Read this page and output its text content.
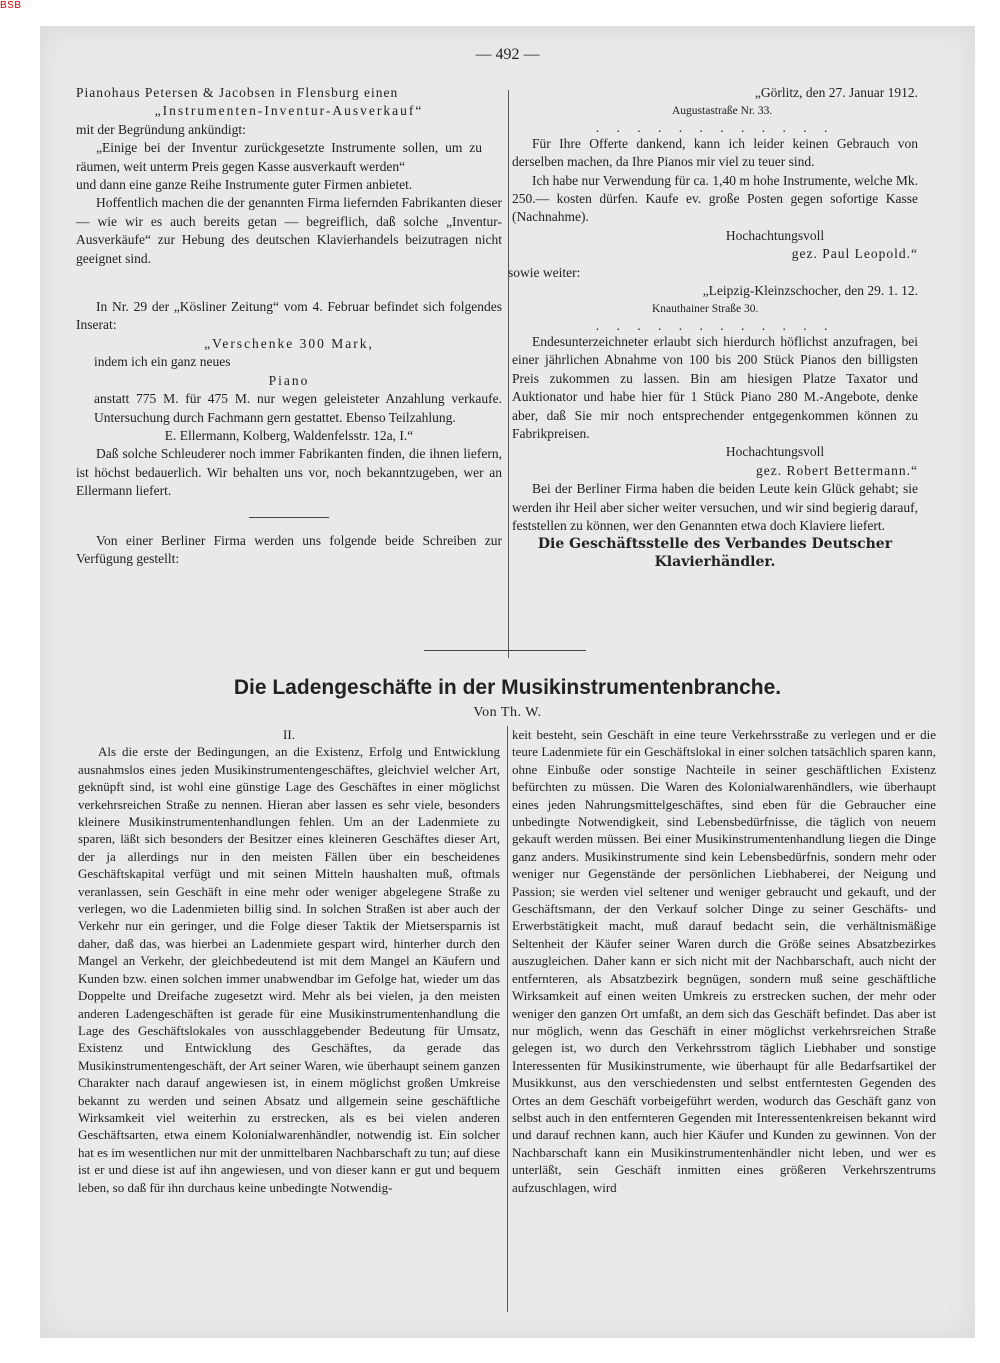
BSB
— 492 —

Pianohaus Petersen & Jacobsen in Flensburg einen

„Instrumenten-Inventur-Ausverkauf“

mit der Begründung ankündigt:

„Einige bei der Inventur zurückgesetzte Instrumente sollen, um zu räumen, weit unterm Preis gegen Kasse ausverkauft werden“

und dann eine ganze Reihe Instrumente guter Firmen anbietet.

Hoffentlich machen die der genannten Firma liefernden Fabrikanten dieser — wie wir es auch bereits getan — begreiflich, daß solche „Inventur-Ausverkäufe“ zur Hebung des deutschen Klavierhandels beizutragen nicht geeignet sind.

In Nr. 29 der „Kösliner Zeitung“ vom 4. Februar befindet sich folgendes Inserat:

„Verschenke 300 Mark,

indem ich ein ganz neues

Piano

anstatt 775 M. für 475 M. nur wegen geleisteter Anzahlung verkaufe. Untersuchung durch Fachmann gern gestattet. Ebenso Teilzahlung.

E. Ellermann, Kolberg, Waldenfelsstr. 12a, I.“

Daß solche Schleuderer noch immer Fabrikanten finden, die ihnen liefern, ist höchst bedauerlich. Wir behalten uns vor, noch bekanntzugeben, wer an Ellermann liefert.

Von einer Berliner Firma werden uns folgende beide Schreiben zur Verfügung gestellt:

„Görlitz, den 27. Januar 1912.

Augustastraße Nr. 33.

. . . . . . . . . . . .

Für Ihre Offerte dankend, kann ich leider keinen Gebrauch von derselben machen, da Ihre Pianos mir viel zu teuer sind.

Ich habe nur Verwendung für ca. 1,40 m hohe Instrumente, welche Mk. 250.— kosten dürfen. Kaufe ev. große Posten gegen sofortige Kasse (Nachnahme).

Hochachtungsvoll

gez. Paul Leopold.“

sowie weiter:

„Leipzig-Kleinzschocher, den 29. 1. 12.

Knauthainer Straße 30.

. . . . . . . . . . . .

Endesunterzeichneter erlaubt sich hierdurch höflichst anzufragen, bei einer jährlichen Abnahme von 100 bis 200 Stück Pianos den billigsten Preis zukommen zu lassen. Bin am hiesigen Platze Taxator und Auktionator und habe hier für 1 Stück Piano 280 M.-Angebote, denke aber, daß Sie mir noch entsprechender entgegenkommen können zu Fabrikpreisen.

Hochachtungsvoll

gez. Robert Bettermann.“

Bei der Berliner Firma haben die beiden Leute kein Glück gehabt; sie werden ihr Heil aber sicher weiter versuchen, und wir sind begierig darauf, feststellen zu können, wer den Genannten etwa doch Klaviere liefert.

Die Geschäftsstelle des Verbandes Deutscher Klavierhändler.

Die Ladengeschäfte in der Musikinstrumentenbranche.
Von Th. W.

II.

Als die erste der Bedingungen, an die Existenz, Erfolg und Entwicklung ausnahmslos eines jeden Musikinstrumentengeschäftes, gleichviel welcher Art, geknüpft sind, ist wohl eine günstige Lage des Geschäftes in einer möglichst verkehrsreichen Straße zu nennen. Hieran aber lassen es sehr viele, besonders kleinere Musikinstrumentenhandlungen fehlen. Um an der Ladenmiete zu sparen, läßt sich besonders der Besitzer eines kleineren Geschäftes dieser Art, der ja allerdings nur in den meisten Fällen über ein bescheidenes Geschäftskapital verfügt und mit seinen Mitteln haushalten muß, oftmals veranlassen, sein Geschäft in eine mehr oder weniger abgelegene Straße zu verlegen, wo die Ladenmieten billig sind. In solchen Straßen ist aber auch der Verkehr nur ein geringer, und die Folge dieser Taktik der Mietsersparnis ist daher, daß das, was hierbei an Ladenmiete gespart wird, hinterher durch den Mangel an Verkehr, der gleichbedeutend ist mit dem Mangel an Käufern und Kunden bzw. einen solchen immer unabwendbar im Gefolge hat, wieder um das Doppelte und Dreifache zugesetzt wird. Mehr als bei vielen, ja den meisten anderen Ladengeschäften ist gerade für eine Musikinstrumentenhandlung die Lage des Geschäftslokales von ausschlaggebender Bedeutung für Umsatz, Existenz und Entwicklung des Geschäftes, da gerade das Musikinstrumentengeschäft, der Art seiner Waren, wie überhaupt seinem ganzen Charakter nach darauf angewiesen ist, in einem möglichst großen Umkreise bekannt zu werden und seinen Absatz und allgemein seine geschäftliche Wirksamkeit viel weiterhin zu erstrecken, als es bei vielen anderen Geschäftsarten, etwa einem Kolonialwarenhändler, notwendig ist. Ein solcher hat es im wesentlichen nur mit der unmittelbaren Nachbarschaft zu tun; auf diese ist er und diese ist auf ihn angewiesen, und von dieser kann er gut und bequem leben, so daß für ihn durchaus keine unbedingte Notwendig-

keit besteht, sein Geschäft in eine teure Verkehrsstraße zu verlegen und er die teure Ladenmiete für ein Geschäftslokal in einer solchen tatsächlich sparen kann, ohne Einbuße oder sonstige Nachteile in seiner geschäftlichen Existenz befürchten zu müssen. Die Waren des Kolonialwarenhändlers, wie überhaupt eines jeden Nahrungsmittelgeschäftes, sind eben für die Gebraucher eine unbedingte Notwendigkeit, sind Lebensbedürfnisse, die täglich von neuem gekauft werden müssen. Bei einer Musikinstrumentenhandlung liegen die Dinge ganz anders. Musikinstrumente sind kein Lebensbedürfnis, sondern mehr oder weniger nur Gegenstände der persönlichen Liebhaberei, der Neigung und Passion; sie werden viel seltener und weniger gebraucht und gekauft, und der Geschäftsmann, der den Verkauf solcher Dinge zu seiner Geschäfts- und Erwerbstätigkeit macht, muß darauf bedacht sein, die verhältnismäßige Seltenheit der Käufer seiner Waren durch die Größe seines Absatzbezirkes auszugleichen. Daher kann er sich nicht mit der Nachbarschaft, auch nicht der entfernteren, als Absatzbezirk begnügen, sondern muß seine geschäftliche Wirksamkeit auf einen weiten Umkreis zu erstrecken suchen, der mehr oder weniger den ganzen Ort umfaßt, an dem sich das Geschäft befindet. Das aber ist nur möglich, wenn das Geschäft in einer möglichst verkehrsreichen Straße gelegen ist, wo durch den Verkehrsstrom täglich Liebhaber und sonstige Interessenten für Musikinstrumente, wie überhaupt für alle Bedarfsartikel der Musikkunst, aus den verschiedensten und selbst entferntesten Gegenden des Ortes an dem Geschäft vorbeigeführt werden, wodurch das Geschäft ganz von selbst auch in den entfernteren Gegenden mit Interessentenkreisen bekannt wird und darauf rechnen kann, auch hier Käufer und Kunden zu gewinnen. Von der Nachbarschaft kann ein Musikinstrumentenhändler nicht leben, und wer es unterläßt, sein Geschäft inmitten eines größeren Verkehrszentrums aufzuschlagen, wird
